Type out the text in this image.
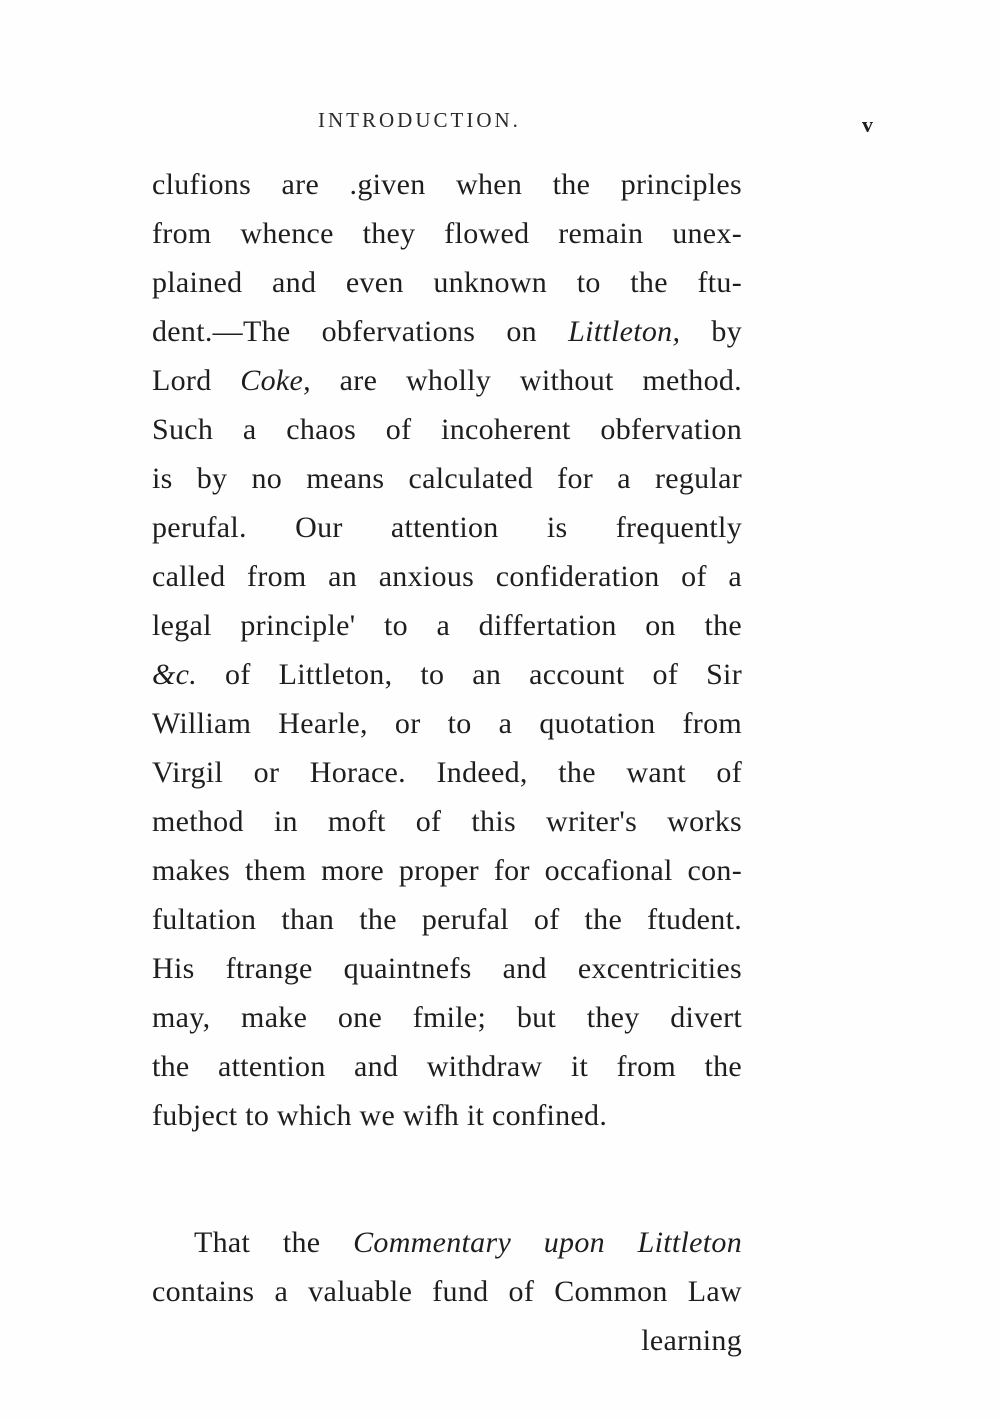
INTRODUCTION.	v
clufions are .given when the principles
from whence they flowed remain unex-
plained and even unknown to the ftu-
dent.—The obfervations on Littleton, by
Lord Coke, are wholly without method.
Such a chaos of incoherent obfervation
is by no means calculated for a regular
perufal. Our attention is frequently
called from an anxious confideration of a
legal principle' to a differtation on the
&c. of Littleton, to an account of Sir
William Hearle, or to a quotation from
Virgil or Horace. Indeed, the want of
method in moft of this writer's works
makes them more proper for occafional con-
fultation than the perufal of the ftudent.
His ftrange quaintnefs and excentricities
may, make one fmile; but they divert
the attention and withdraw it from the
fubject to which we wifh it confined.
That the Commentary upon Littleton
contains a valuable fund of Common Law
learning
